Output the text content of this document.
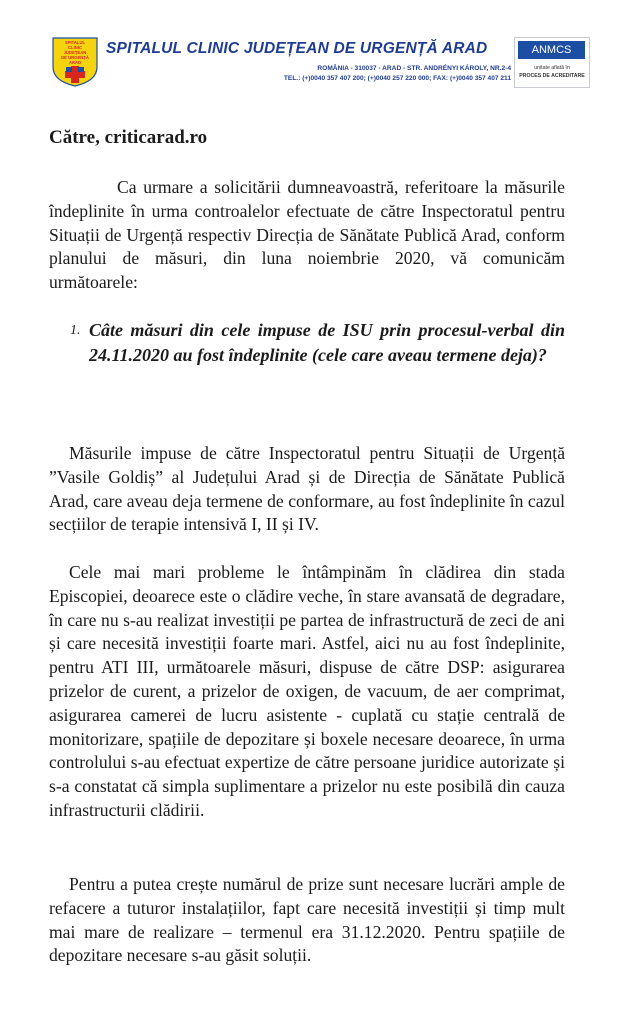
SPITALUL
CLINIC
JUDEȚEAN
DE URGENȚĂ
ARAD
SPITALUL CLINIC JUDEȚEAN DE URGENȚĂ ARAD
ROMÂNIA - 310037 - ARAD - STR. ANDRÉNYI KÁROLY, NR.2-4
TEL.: (+)0040 357 407 200; (+)0040 257 220 000; FAX: (+)0040 357 407 211
ANMCS
unitate aflată în
PROCES DE ACREDITARE
Către, criticarad.ro

Ca urmare a solicitării dumneavoastră, referitoare la măsurile îndeplinite în urma controalelor efectuate de către Inspectoratul pentru Situații de Urgență respectiv Direcția de Sănătate Publică Arad, conform planului de măsuri, din luna noiembrie 2020, vă comunicăm următoarele:

1. Câte măsuri din cele impuse de ISU prin procesul-verbal din 24.11.2020 au fost îndeplinite (cele care aveau termene deja)?

Măsurile impuse de către Inspectoratul pentru Situații de Urgență ”Vasile Goldiș” al Județului Arad și de Direcția de Sănătate Publică Arad, care aveau deja termene de conformare, au fost îndeplinite în cazul secțiilor de terapie intensivă I, II și IV.

Cele mai mari probleme le întâmpinăm în clădirea din stada Episcopiei, deoarece este o clădire veche, în stare avansată de degradare, în care nu s-au realizat investiții pe partea de infrastructură de zeci de ani și care necesită investiții foarte mari. Astfel, aici nu au fost îndeplinite, pentru ATI III, următoarele măsuri, dispuse de către DSP: asigurarea prizelor de curent, a prizelor de oxigen, de vacuum, de aer comprimat, asigurarea camerei de lucru asistente - cuplată cu stație centrală de monitorizare, spațiile de depozitare și boxele necesare deoarece, în urma controlului s-au efectuat expertize de către persoane juridice autorizate și s-a constatat că simpla suplimentare a prizelor nu este posibilă din cauza infrastructurii clădirii.

Pentru a putea crește numărul de prize sunt necesare lucrări ample de refacere a tuturor instalațiilor, fapt care necesită investiții și timp mult mai mare de realizare – termenul era 31.12.2020. Pentru spațiile de depozitare necesare s-au găsit soluții.
